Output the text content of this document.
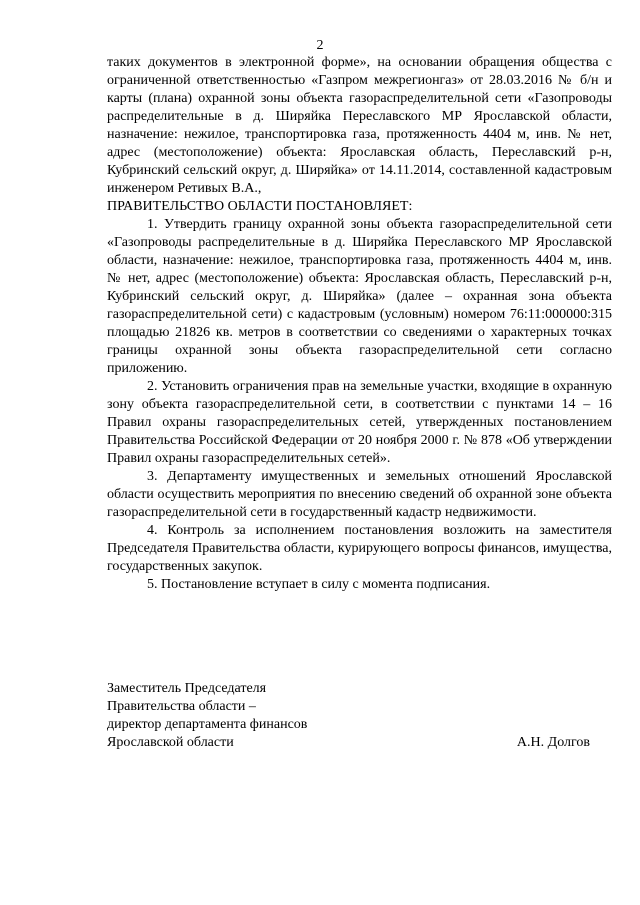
2

таких документов в электронной форме», на основании обращения общества с ограниченной ответственностью «Газпром межрегионгаз» от 28.03.2016 № б/н и карты (плана) охранной зоны объекта газораспределительной сети «Газопроводы распределительные в д. Ширяйка Переславского МР Ярославской области, назначение: нежилое, транспортировка газа, протяженность 4404 м, инв. № нет, адрес (местоположение) объекта: Ярославская область, Переславский р-н, Кубринский сельский округ, д. Ширяйка» от 14.11.2014, составленной кадастровым инженером Ретивых В.А.,

ПРАВИТЕЛЬСТВО ОБЛАСТИ ПОСТАНОВЛЯЕТ:

1. Утвердить границу охранной зоны объекта газораспределительной сети «Газопроводы распределительные в д. Ширяйка Переславского МР Ярославской области, назначение: нежилое, транспортировка газа, протяженность 4404 м, инв. № нет, адрес (местоположение) объекта: Ярославская область, Переславский р-н, Кубринский сельский округ, д. Ширяйка» (далее – охранная зона объекта газораспределительной сети) с кадастровым (условным) номером 76:11:000000:315 площадью 21826 кв. метров в соответствии со сведениями о характерных точках границы охранной зоны объекта газораспределительной сети согласно приложению.

2. Установить ограничения прав на земельные участки, входящие в охранную зону объекта газораспределительной сети, в соответствии с пунктами 14 – 16 Правил охраны газораспределительных сетей, утвержденных постановлением Правительства Российской Федерации от 20 ноября 2000 г. № 878 «Об утверждении Правил охраны газораспределительных сетей».

3. Департаменту имущественных и земельных отношений Ярославской области осуществить мероприятия по внесению сведений об охранной зоне объекта газораспределительной сети в государственный кадастр недвижимости.

4. Контроль за исполнением постановления возложить на заместителя Председателя Правительства области, курирующего вопросы финансов, имущества, государственных закупок.

5. Постановление вступает в силу с момента подписания.

Заместитель Председателя
Правительства области –
директор департамента финансов
Ярославской области	А.Н. Долгов
